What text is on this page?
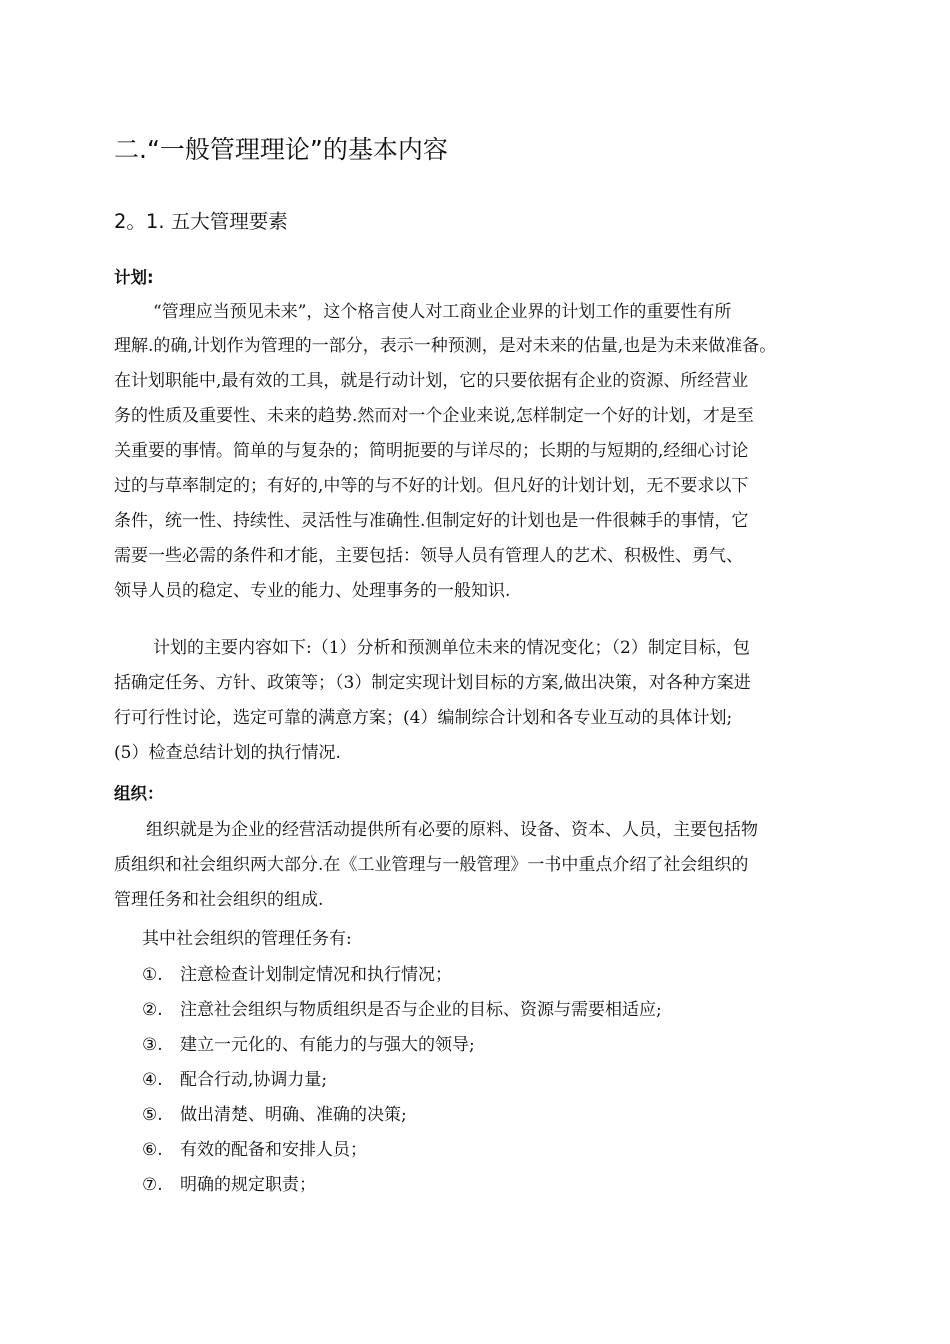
二.“一般管理理论”的基本内容
2。1. 五大管理要素
计划:
“管理应当预见未来”，这个格言使人对工商业企业界的计划工作的重要性有所
理解.的确,计划作为管理的一部分，表示一种预测，是对未来的估量,也是为未来做准备。
在计划职能中,最有效的工具，就是行动计划，它的只要依据有企业的资源、所经营业
务的性质及重要性、未来的趋势.然而对一个企业来说,怎样制定一个好的计划，才是至
关重要的事情。简单的与复杂的；简明扼要的与详尽的；长期的与短期的,经细心讨论
过的与草率制定的；有好的,中等的与不好的计划。但凡好的计划计划，无不要求以下
条件，统一性、持续性、灵活性与准确性.但制定好的计划也是一件很棘手的事情，它
需要一些必需的条件和才能，主要包括：领导人员有管理人的艺术、积极性、勇气、
领导人员的稳定、专业的能力、处理事务的一般知识.
计划的主要内容如下:（1）分析和预测单位未来的情况变化；（2）制定目标，包
括确定任务、方针、政策等；（3）制定实现计划目标的方案,做出决策，对各种方案进
行可行性讨论，选定可靠的满意方案；(4）编制综合计划和各专业互动的具体计划;
(5）检查总结计划的执行情况.
组织：
组织就是为企业的经营活动提供所有必要的原料、设备、资本、人员，主要包括物
质组织和社会组织两大部分.在《工业管理与一般管理》一书中重点介绍了社会组织的
管理任务和社会组织的组成.
其中社会组织的管理任务有:
①. 注意检查计划制定情况和执行情况；
②. 注意社会组织与物质组织是否与企业的目标、资源与需要相适应;
③. 建立一元化的、有能力的与强大的领导;
④. 配合行动,协调力量;
⑤. 做出清楚、明确、准确的决策;
⑥. 有效的配备和安排人员；
⑦. 明确的规定职责；
